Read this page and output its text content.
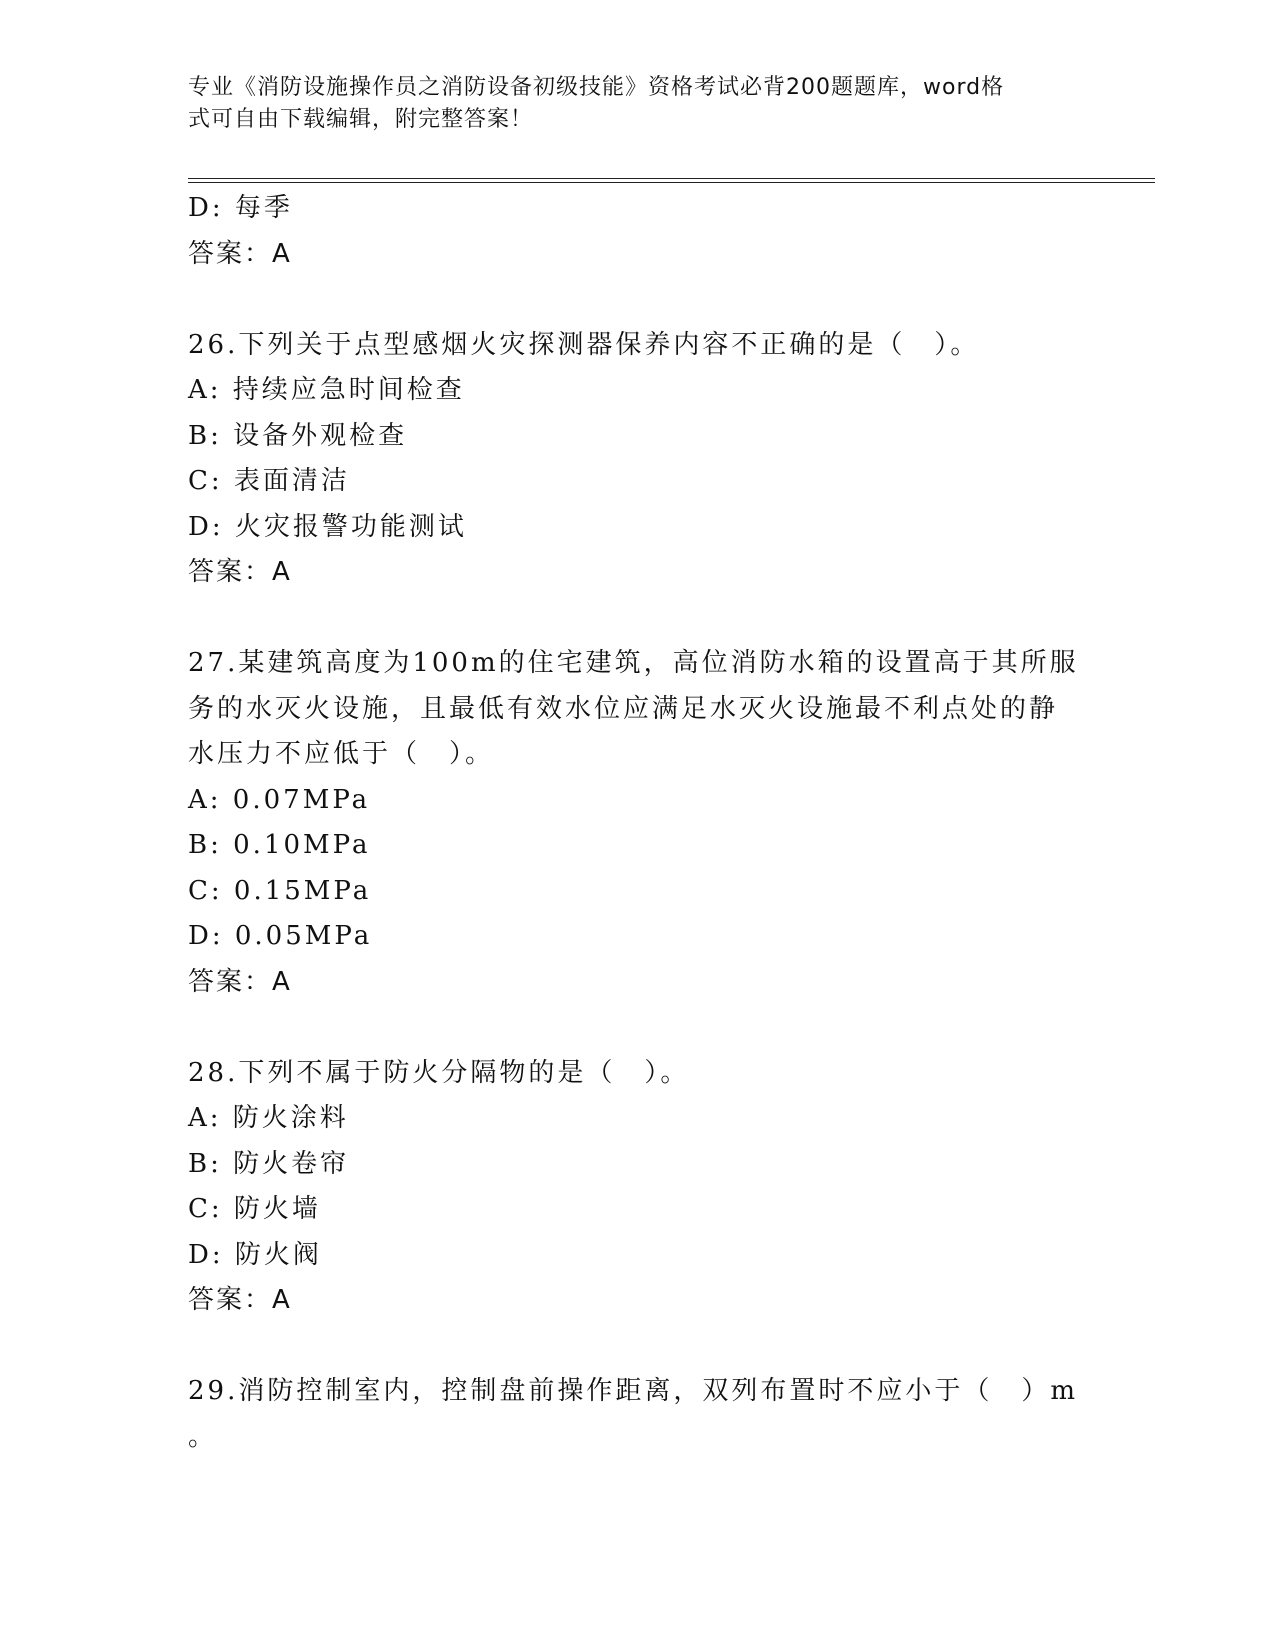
专业《消防设施操作员之消防设备初级技能》资格考试必背200题题库，word格
式可自由下载编辑，附完整答案！
D: 每季
答案：A
26.下列关于点型感烟火灾探测器保养内容不正确的是（　）。
A: 持续应急时间检查
B: 设备外观检查
C: 表面清洁
D: 火灾报警功能测试
答案：A
27.某建筑高度为100m的住宅建筑，高位消防水箱的设置高于其所服
务的水灭火设施，且最低有效水位应满足水灭火设施最不利点处的静
水压力不应低于（　）。
A: 0.07MPa
B: 0.10MPa
C: 0.15MPa
D: 0.05MPa
答案：A
28.下列不属于防火分隔物的是（　）。
A: 防火涂料
B: 防火卷帘
C: 防火墙
D: 防火阀
答案：A
29.消防控制室内，控制盘前操作距离，双列布置时不应小于（　）m
。
